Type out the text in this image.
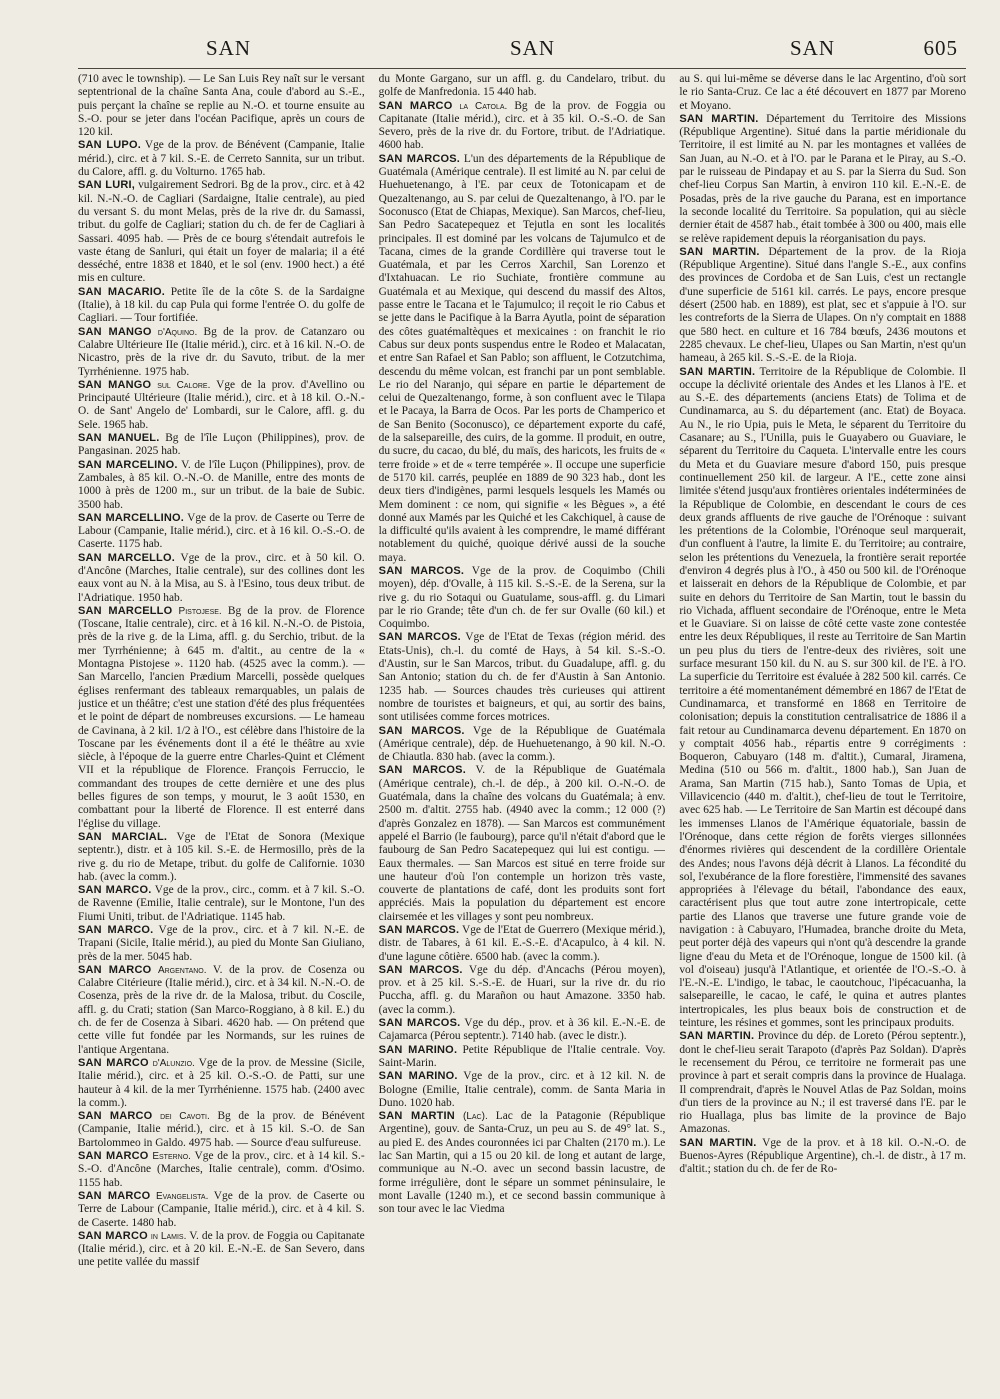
SAN	SAN	SAN	605

(710 avec le township). — Le San Luis Rey naît sur le versant septentrional de la chaîne Santa Ana, coule d'abord au S.-E., puis perçant la chaîne se replie au N.-O. et tourne ensuite au S.-O. pour se jeter dans l'océan Pacifique, après un cours de 120 kil.

SAN LUPO. Vge de la prov. de Bénévent (Campanie, Italie mérid.), circ. et à 7 kil. S.-E. de Cerreto Sannita, sur un tribut. du Calore, affl. g. du Volturno. 1765 hab.

SAN LURI, vulgairement Sedrori. Bg de la prov., circ. et à 42 kil. N.-N.-O. de Cagliari (Sardaigne, Italie centrale), au pied du versant S. du mont Melas, près de la rive dr. du Samassi, tribut. du golfe de Cagliari; station du ch. de fer de Cagliari à Sassari. 4095 hab. — Près de ce bourg s'étendait autrefois le vaste étang de Sanluri, qui était un foyer de malaria; il a été desséché, entre 1838 et 1840, et le sol (env. 1900 hect.) a été mis en culture.

SAN MACARIO. Petite île de la côte S. de la Sardaigne (Italie), à 18 kil. du cap Pula qui forme l'entrée O. du golfe de Cagliari. — Tour fortifiée.

SAN MANGO d'Aquino. Bg de la prov. de Catanzaro ou Calabre Ultérieure IIe (Italie mérid.), circ. et à 16 kil. N.-O. de Nicastro, près de la rive dr. du Savuto, tribut. de la mer Tyrrhénienne. 1975 hab.

SAN MANGO sul Calore. Vge de la prov. d'Avellino ou Principauté Ultérieure (Italie mérid.), circ. et à 18 kil. O.-N.-O. de Sant' Angelo de' Lombardi, sur le Calore, affl. g. du Sele. 1965 hab.

SAN MANUEL. Bg de l'île Luçon (Philippines), prov. de Pangasinan. 2025 hab.

SAN MARCELINO. V. de l'île Luçon (Philippines), prov. de Zambales, à 85 kil. O.-N.-O. de Manille, entre des monts de 1000 à près de 1200 m., sur un tribut. de la baie de Subic. 3500 hab.

SAN MARCELLINO. Vge de la prov. de Caserte ou Terre de Labour (Campanie, Italie mérid.), circ. et à 16 kil. O.-S.-O. de Caserte. 1175 hab.

SAN MARCELLO. Vge de la prov., circ. et à 50 kil. O. d'Ancône (Marches, Italie centrale), sur des collines dont les eaux vont au N. à la Misa, au S. à l'Esino, tous deux tribut. de l'Adriatique. 1950 hab.

SAN MARCELLO Pistojese. Bg de la prov. de Florence (Toscane, Italie centrale), circ. et à 16 kil. N.-N.-O. de Pistoia, près de la rive g. de la Lima, affl. g. du Serchio, tribut. de la mer Tyrrhénienne; à 645 m. d'altit., au centre de la « Montagna Pistojese ». 1120 hab. (4525 avec la comm.). — San Marcello, l'ancien Prædium Marcelli, possède quelques églises renfermant des tableaux remarquables, un palais de justice et un théâtre; c'est une station d'été des plus fréquentées et le point de départ de nombreuses excursions. — Le hameau de Cavinana, à 2 kil. 1/2 à l'O., est célèbre dans l'histoire de la Toscane par les événements dont il a été le théâtre au xvie siècle, à l'époque de la guerre entre Charles-Quint et Clément VII et la république de Florence. François Ferruccio, le commandant des troupes de cette dernière et une des plus belles figures de son temps, y mourut, le 3 août 1530, en combattant pour la liberté de Florence. Il est enterré dans l'église du village.

SAN MARCIAL. Vge de l'Etat de Sonora (Mexique septentr.), distr. et à 105 kil. S.-E. de Hermosillo, près de la rive g. du rio de Metape, tribut. du golfe de Californie. 1030 hab. (avec la comm.).

SAN MARCO. Vge de la prov., circ., comm. et à 7 kil. S.-O. de Ravenne (Emilie, Italie centrale), sur le Montone, l'un des Fiumi Uniti, tribut. de l'Adriatique. 1145 hab.

SAN MARCO. Vge de la prov., circ. et à 7 kil. N.-E. de Trapani (Sicile, Italie mérid.), au pied du Monte San Giuliano, près de la mer. 5045 hab.

SAN MARCO Argentano. V. de la prov. de Cosenza ou Calabre Citérieure (Italie mérid.), circ. et à 34 kil. N.-N.-O. de Cosenza, près de la rive dr. de la Malosa, tribut. du Coscile, affl. g. du Crati; station (San Marco-Roggiano, à 8 kil. E.) du ch. de fer de Cosenza à Sibari. 4620 hab. — On prétend que cette ville fut fondée par les Normands, sur les ruines de l'antique Argentana.

SAN MARCO d'Alunzio. Vge de la prov. de Messine (Sicile, Italie mérid.), circ. et à 25 kil. O.-S.-O. de Patti, sur une hauteur à 4 kil. de la mer Tyrrhénienne. 1575 hab. (2400 avec la comm.).

SAN MARCO dei Cavoti. Bg de la prov. de Bénévent (Campanie, Italie mérid.), circ. et à 15 kil. S.-O. de San Bartolommeo in Galdo. 4975 hab. — Source d'eau sulfureuse.

SAN MARCO Esterno. Vge de la prov., circ. et à 14 kil. S.-S.-O. d'Ancône (Marches, Italie centrale), comm. d'Osimo. 1155 hab.

SAN MARCO Evangelista. Vge de la prov. de Caserte ou Terre de Labour (Campanie, Italie mérid.), circ. et à 4 kil. S. de Caserte. 1480 hab.

SAN MARCO in Lamis. V. de la prov. de Foggia ou Capitanate (Italie mérid.), circ. et à 20 kil. E.-N.-E. de San Severo, dans une petite vallée du massif

du Monte Gargano, sur un affl. g. du Candelaro, tribut. du golfe de Manfredonia. 15 440 hab.

SAN MARCO la Catola. Bg de la prov. de Foggia ou Capitanate (Italie mérid.), circ. et à 35 kil. O.-S.-O. de San Severo, près de la rive dr. du Fortore, tribut. de l'Adriatique. 4600 hab.

SAN MARCOS. L'un des départements de la République de Guatémala (Amérique centrale). Il est limité au N. par celui de Huehuetenango, à l'E. par ceux de Totonicapam et de Quezaltenango, au S. par celui de Quezaltenango, à l'O. par le Soconusco (Etat de Chiapas, Mexique). San Marcos, chef-lieu, San Pedro Sacatepequez et Tejutla en sont les localités principales. Il est dominé par les volcans de Tajumulco et de Tacana, cimes de la grande Cordillère qui traverse tout le Guatémala, et par les Cerros Xarchil, San Lorenzo et d'Ixtahuacan. Le rio Suchiate, frontière commune au Guatémala et au Mexique, qui descend du massif des Altos, passe entre le Tacana et le Tajumulco; il reçoit le rio Cabus et se jette dans le Pacifique à la Barra Ayutla, point de séparation des côtes guatémaltèques et mexicaines : on franchit le rio Cabus sur deux ponts suspendus entre le Rodeo et Malacatan, et entre San Rafael et San Pablo; son affluent, le Cotzutchima, descendu du même volcan, est franchi par un pont semblable. Le rio del Naranjo, qui sépare en partie le département de celui de Quezaltenango, forme, à son confluent avec le Tilapa et le Pacaya, la Barra de Ocos. Par les ports de Champerico et de San Benito (Soconusco), ce département exporte du café, de la salsepareille, des cuirs, de la gomme. Il produit, en outre, du sucre, du cacao, du blé, du maïs, des haricots, les fruits de « terre froide » et de « terre tempérée ». Il occupe une superficie de 5170 kil. carrés, peuplée en 1889 de 90 323 hab., dont les deux tiers d'indigènes, parmi lesquels lesquels les Mamés ou Mem dominent : ce nom, qui signifie « les Bègues », a été donné aux Mamés par les Quiché et les Cakchiquel, à cause de la difficulté qu'ils avaient à les comprendre, le mamé différant notablement du quiché, quoique dérivé aussi de la souche maya.

SAN MARCOS. Vge de la prov. de Coquimbo (Chili moyen), dép. d'Ovalle, à 115 kil. S.-S.-E. de la Serena, sur la rive g. du rio Sotaqui ou Guatulame, sous-affl. g. du Limari par le rio Grande; tête d'un ch. de fer sur Ovalle (60 kil.) et Coquimbo.

SAN MARCOS. Vge de l'Etat de Texas (région mérid. des Etats-Unis), ch.-l. du comté de Hays, à 54 kil. S.-S.-O. d'Austin, sur le San Marcos, tribut. du Guadalupe, affl. g. du San Antonio; station du ch. de fer d'Austin à San Antonio. 1235 hab. — Sources chaudes très curieuses qui attirent nombre de touristes et baigneurs, et qui, au sortir des bains, sont utilisées comme forces motrices.

SAN MARCOS. Vge de la République de Guatémala (Amérique centrale), dép. de Huehuetenango, à 90 kil. N.-O. de Chiautla. 830 hab. (avec la comm.).

SAN MARCOS. V. de la République de Guatémala (Amérique centrale), ch.-l. de dép., à 200 kil. O.-N.-O. de Guatémala, dans la chaîne des volcans du Guatémala; à env. 2500 m. d'altit. 2755 hab. (4940 avec la comm.; 12 000 (?) d'après Gonzalez en 1878). — San Marcos est communément appelé el Barrio (le faubourg), parce qu'il n'était d'abord que le faubourg de San Pedro Sacatepequez qui lui est contigu. — Eaux thermales. — San Marcos est situé en terre froide sur une hauteur d'où l'on contemple un horizon très vaste, couverte de plantations de café, dont les produits sont fort appréciés. Mais la population du département est encore clairsemée et les villages y sont peu nombreux.

SAN MARCOS. Vge de l'Etat de Guerrero (Mexique mérid.), distr. de Tabares, à 61 kil. E.-S.-E. d'Acapulco, à 4 kil. N. d'une lagune côtière. 6500 hab. (avec la comm.).

SAN MARCOS. Vge du dép. d'Ancachs (Pérou moyen), prov. et à 25 kil. S.-S.-E. de Huari, sur la rive dr. du rio Puccha, affl. g. du Marañon ou haut Amazone. 3350 hab. (avec la comm.).

SAN MARCOS. Vge du dép., prov. et à 36 kil. E.-N.-E. de Cajamarca (Pérou septentr.). 7140 hab. (avec le distr.).

SAN MARINO. Petite République de l'Italie centrale. Voy. Saint-Marin.

SAN MARINO. Vge de la prov., circ. et à 12 kil. N. de Bologne (Emilie, Italie centrale), comm. de Santa Maria in Duno. 1020 hab.

SAN MARTIN (Lac). Lac de la Patagonie (République Argentine), gouv. de Santa-Cruz, un peu au S. de 49° lat. S., au pied E. des Andes couronnées ici par Chalten (2170 m.). Le lac San Martin, qui a 15 ou 20 kil. de long et autant de large, communique au N.-O. avec un second bassin lacustre, de forme irrégulière, dont le sépare un sommet péninsulaire, le mont Lavalle (1240 m.), et ce second bassin communique à son tour avec le lac Viedma

au S. qui lui-même se déverse dans le lac Argentino, d'où sort le rio Santa-Cruz. Ce lac a été découvert en 1877 par Moreno et Moyano.

SAN MARTIN. Département du Territoire des Missions (République Argentine). Situé dans la partie méridionale du Territoire, il est limité au N. par les montagnes et vallées de San Juan, au N.-O. et à l'O. par le Parana et le Piray, au S.-O. par le ruisseau de Pindapay et au S. par la Sierra du Sud. Son chef-lieu Corpus San Martin, à environ 110 kil. E.-N.-E. de Posadas, près de la rive gauche du Parana, est en importance la seconde localité du Territoire. Sa population, qui au siècle dernier était de 4587 hab., était tombée à 300 ou 400, mais elle se relève rapidement depuis la réorganisation du pays.

SAN MARTIN. Département de la prov. de la Rioja (République Argentine). Situé dans l'angle S.-E., aux confins des provinces de Cordoba et de San Luis, c'est un rectangle d'une superficie de 5161 kil. carrés. Le pays, encore presque désert (2500 hab. en 1889), est plat, sec et s'appuie à l'O. sur les contreforts de la Sierra de Ulapes. On n'y comptait en 1888 que 580 hect. en culture et 16 784 bœufs, 2436 moutons et 2285 chevaux. Le chef-lieu, Ulapes ou San Martin, n'est qu'un hameau, à 265 kil. S.-S.-E. de la Rioja.

SAN MARTIN. Territoire de la République de Colombie. Il occupe la déclivité orientale des Andes et les Llanos à l'E. et au S.-E. des départements (anciens Etats) de Tolima et de Cundinamarca, au S. du département (anc. Etat) de Boyaca. Au N., le rio Upia, puis le Meta, le séparent du Territoire du Casanare; au S., l'Unilla, puis le Guayabero ou Guaviare, le séparent du Territoire du Caqueta. L'intervalle entre les cours du Meta et du Guaviare mesure d'abord 150, puis presque continuellement 250 kil. de largeur. A l'E., cette zone ainsi limitée s'étend jusqu'aux frontières orientales indéterminées de la République de Colombie, en descendant le cours de ces deux grands affluents de rive gauche de l'Orénoque : suivant les prétentions de la Colombie, l'Orénoque seul marquerait, d'un confluent à l'autre, la limite E. du Territoire; au contraire, selon les prétentions du Venezuela, la frontière serait reportée d'environ 4 degrés plus à l'O., à 450 ou 500 kil. de l'Orénoque et laisserait en dehors de la République de Colombie, et par suite en dehors du Territoire de San Martin, tout le bassin du rio Vichada, affluent secondaire de l'Orénoque, entre le Meta et le Guaviare. Si on laisse de côté cette vaste zone contestée entre les deux Républiques, il reste au Territoire de San Martin un peu plus du tiers de l'entre-deux des rivières, soit une surface mesurant 150 kil. du N. au S. sur 300 kil. de l'E. à l'O. La superficie du Territoire est évaluée à 282 500 kil. carrés. Ce territoire a été momentanément démembré en 1867 de l'Etat de Cundinamarca, et transformé en 1868 en Territoire de colonisation; depuis la constitution centralisatrice de 1886 il a fait retour au Cundinamarca devenu département. En 1870 on y comptait 4056 hab., répartis entre 9 corrégiments : Boqueron, Cabuyaro (148 m. d'altit.), Cumaral, Jiramena, Medina (510 ou 566 m. d'altit., 1800 hab.), San Juan de Arama, San Martin (715 hab.), Santo Tomas de Upia, et Villavicencio (440 m. d'altit.), chef-lieu de tout le Territoire, avec 625 hab. — Le Territoire de San Martin est découpé dans les immenses Llanos de l'Amérique équatoriale, bassin de l'Orénoque, dans cette région de forêts vierges sillonnées d'énormes rivières qui descendent de la cordillère Orientale des Andes; nous l'avons déjà décrit à Llanos. La fécondité du sol, l'exubérance de la flore forestière, l'immensité des savanes appropriées à l'élevage du bétail, l'abondance des eaux, caractérisent plus que tout autre zone intertropicale, cette partie des Llanos que traverse une future grande voie de navigation : à Cabuyaro, l'Humadea, branche droite du Meta, peut porter déjà des vapeurs qui n'ont qu'à descendre la grande ligne d'eau du Meta et de l'Orénoque, longue de 1500 kil. (à vol d'oiseau) jusqu'à l'Atlantique, et orientée de l'O.-S.-O. à l'E.-N.-E. L'indigo, le tabac, le caoutchouc, l'ipécacuanha, la salsepareille, le cacao, le café, le quina et autres plantes intertropicales, les plus beaux bois de construction et de teinture, les résines et gommes, sont les principaux produits.

SAN MARTIN. Province du dép. de Loreto (Pérou septentr.), dont le chef-lieu serait Tarapoto (d'après Paz Soldan). D'après le recensement du Pérou, ce territoire ne formerait pas une province à part et serait compris dans la province de Hualaga. Il comprendrait, d'après le Nouvel Atlas de Paz Soldan, moins d'un tiers de la province au N.; il est traversé dans l'E. par le rio Huallaga, plus bas limite de la province de Bajo Amazonas.

SAN MARTIN. Vge de la prov. et à 18 kil. O.-N.-O. de Buenos-Ayres (République Argentine), ch.-l. de distr., à 17 m. d'altit.; station du ch. de fer de Ro-
